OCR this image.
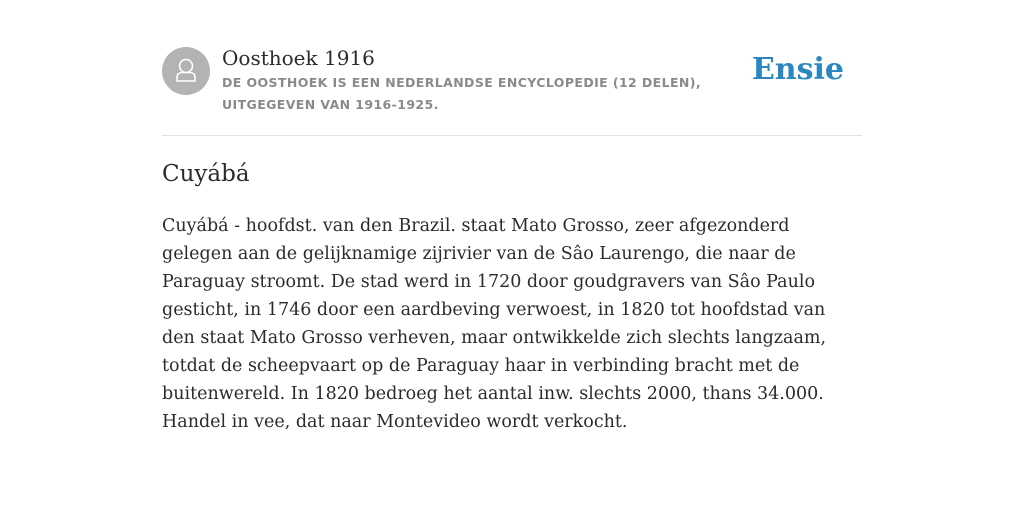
Oosthoek 1916
DE OOSTHOEK IS EEN NEDERLANDSE ENCYCLOPEDIE (12 DELEN), UITGEGEVEN VAN 1916-1925.
Ensie
Cuyábá

Cuyábá - hoofdst. van den Brazil. staat Mato Grosso, zeer afgezonderd gelegen aan de gelijknamige zijrivier van de Sâo Laurengo, die naar de Paraguay stroomt. De stad werd in 1720 door goudgravers van Sâo Paulo gesticht, in 1746 door een aardbeving verwoest, in 1820 tot hoofdstad van den staat Mato Grosso verheven, maar ontwikkelde zich slechts langzaam, totdat de scheepvaart op de Paraguay haar in verbinding bracht met de buitenwereld. In 1820 bedroeg het aantal inw. slechts 2000, thans 34.000. Handel in vee, dat naar Montevideo wordt verkocht.
